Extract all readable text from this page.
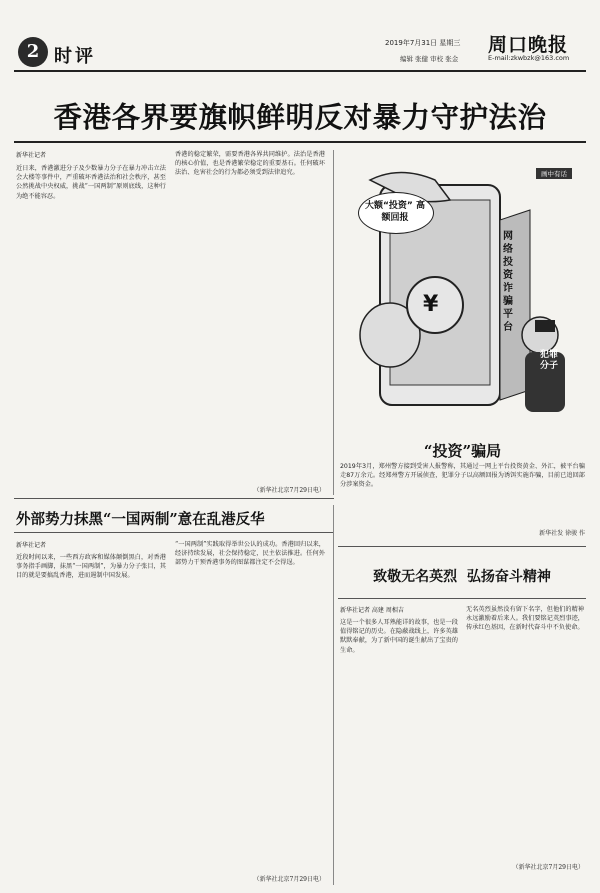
2 时评
2019年7月31日 星期三 周口晚报
编辑 张健 审校 张金	E-mail:zkwbzk@163.com
香港各界要旗帜鲜明反对暴力守护法治
新华社记者
近日来，香港激进分子及少数暴力分子在暴力冲击立法会大楼等事件中，严重破坏香港法治和社会秩序，甚至公然挑战中央权威，挑战“一国两制”原则底线，这种行为绝不能容忍。
香港的稳定繁荣，需要香港各界共同维护。法治是香港的核心价值，也是香港繁荣稳定的重要基石。任何破坏法治、危害社会的行为都必须受到法律追究。
（新华社北京7月29日电）
画中有话
大额“投资” 高额回报
¥
网络投资诈骗平台
犯罪分子
“投资”骗局
2019年3月，郑州警方接到受害人报警称，其通过一网上平台投资黄金、外汇，被平台骗走87万余元。经郑州警方开展侦查，犯罪分子以高额回报为诱饵实施诈骗，目前已追回部分涉案资金。
新华社发 徐骏 作
外部势力抹黑“一国两制”意在乱港反华
新华社记者
近段时间以来，一些西方政客和媒体颠倒黑白，对香港事务指手画脚，抹黑“一国两制”，为暴力分子张目，其目的就是要搞乱香港，进而遏制中国发展。
“一国两制”实践取得举世公认的成功。香港回归以来，经济持续发展，社会保持稳定，民主依法推进。任何外部势力干预香港事务的图谋都注定不会得逞。
（新华社北京7月29日电）
致敬无名英烈  弘扬奋斗精神
新华社记者 高建 周相吉
这是一个很多人耳熟能详的故事，也是一段值得铭记的历史。在隐蔽战线上，许多英雄默默奉献，为了新中国的诞生献出了宝贵的生命。
无名英烈虽然没有留下名字，但他们的精神永远激励着后来人。我们要铭记英烈事迹，传承红色基因，在新时代奋斗中不负使命。
（新华社北京7月29日电）
